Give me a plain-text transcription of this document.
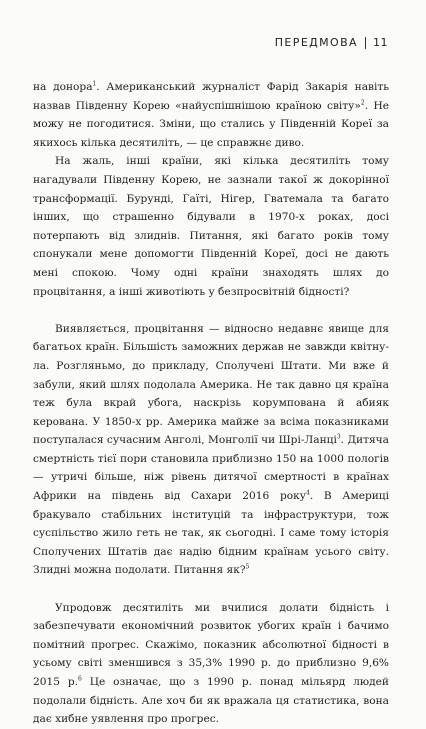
ПЕРЕДМОВА 11

на донора$^1$. Американський журналіст Фарід Закарія навіть назвав Південну Корею «найуспішнішою країною світу»$^2$. Не можу не погодитися. Зміни, що стались у Південній Кореї за якихось кілька десятиліть, — це справжнє диво.

На жаль, інші країни, які кілька десятиліть тому нагадували Південну Корею, не зазнали такої ж докорінної трансформації. Бурунді, Гаїті, Нігер, Гватемала та багато інших, що страшенно бідували в 1970-х роках, досі потерпають від злиднів. Питання, які багато років тому спонукали мене допомогти Південній Кореї, досі не дають мені спокою. Чому одні країни знаходять шлях до процвітання, а інші животіють у безпросвітній бідності?

Виявляється, процвітання — відносно недавнє явище для багатьох країн. Більшість заможних держав не завжди квітнула. Розгляньмо, до прикладу, Сполучені Штати. Ми вже й забули, який шлях подолала Америка. Не так давно ця країна теж була вкрай убога, наскрізь корумпована й абияк керована. У 1850-х рр. Америка майже за всіма показниками поступалася сучасним Анголі, Монголії чи Шрі-Ланці$^3$. Дитяча смертність тієї пори становила приблизно 150 на 1000 пологів — утричі більше, ніж рівень дитячої смертності в країнах Африки на південь від Сахари 2016 року$^4$. В Америці бракувало стабільних інституцій та інфраструктури, тож суспільство жило геть не так, як сьогодні. І саме тому історія Сполучених Штатів дає надію бідним країнам усього світу. Злидні можна подолати. Питання як?$^5$

Упродовж десятиліть ми вчилися долати бідність і забезпечувати економічний розвиток убогих країн і бачимо помітний прогрес. Скажімо, показник абсолютної бідності в усьому світі зменшився з 35,3% 1990 р. до приблизно 9,6% 2015 р.$^6$ Це означає, що з 1990 р. понад мільярд людей подолали бідність. Але хоч би як вражала ця статистика, вона дає хибне уявлення про прогрес.
